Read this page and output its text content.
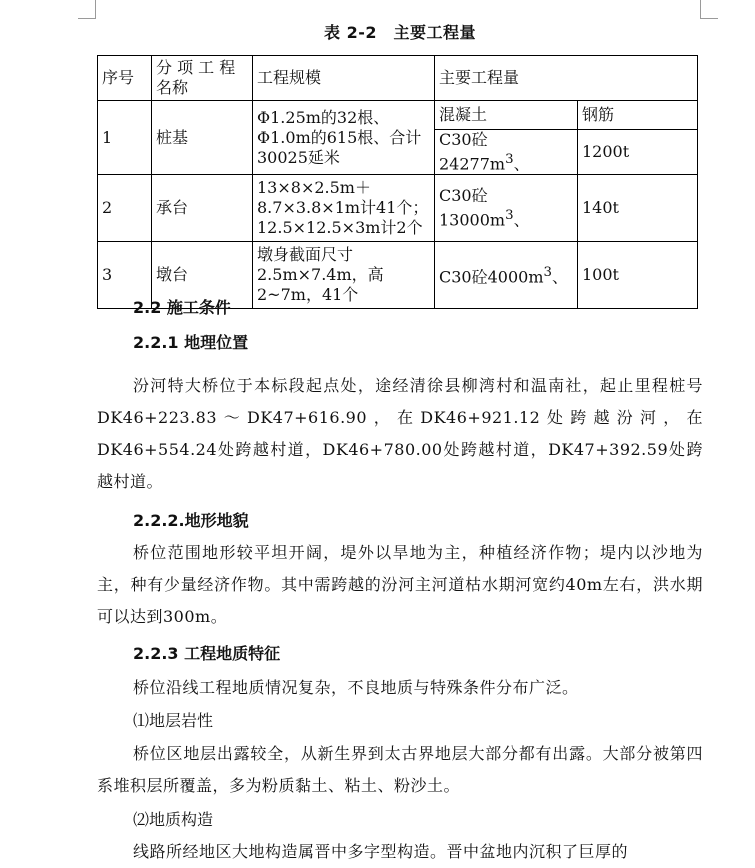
表 2-2　主要工程量
序号	分 项 工 程名称	工程规模	主要工程量	
1	桩基	Φ1.25m的32根、Φ1.0m的615根、合计30025延米	混凝土	钢筋
			C30砼$24277m^3$、	1200t
2	承台	13×8×2.5m＋8.7×3.8×1m计41个；12.5×12.5×3m计2个	C30砼$13000m^3$、	140t
3	墩台	墩身截面尺寸2.5m×7.4m，高2~7m，41个	C30砼$4000m^3$、	100t
2.2 施工条件
2.2.1 地理位置
汾河特大桥位于本标段起点处，途经清徐县柳湾村和温南社，起止里程桩号DK46+223.83～DK47+616.90，在DK46+921.12处跨越汾河，在DK46+554.24处跨越村道，DK46+780.00处跨越村道，DK47+392.59处跨越村道。
2.2.2.地形地貌
桥位范围地形较平坦开阔，堤外以旱地为主，种植经济作物；堤内以沙地为主，种有少量经济作物。其中需跨越的汾河主河道枯水期河宽约40m左右，洪水期可以达到300m。
2.2.3 工程地质特征
桥位沿线工程地质情况复杂，不良地质与特殊条件分布广泛。
⑴地层岩性
桥位区地层出露较全，从新生界到太古界地层大部分都有出露。大部分被第四系堆积层所覆盖，多为粉质黏土、粘土、粉沙土。
⑵地质构造
线路所经地区大地构造属晋中多字型构造。晋中盆地内沉积了巨厚的
